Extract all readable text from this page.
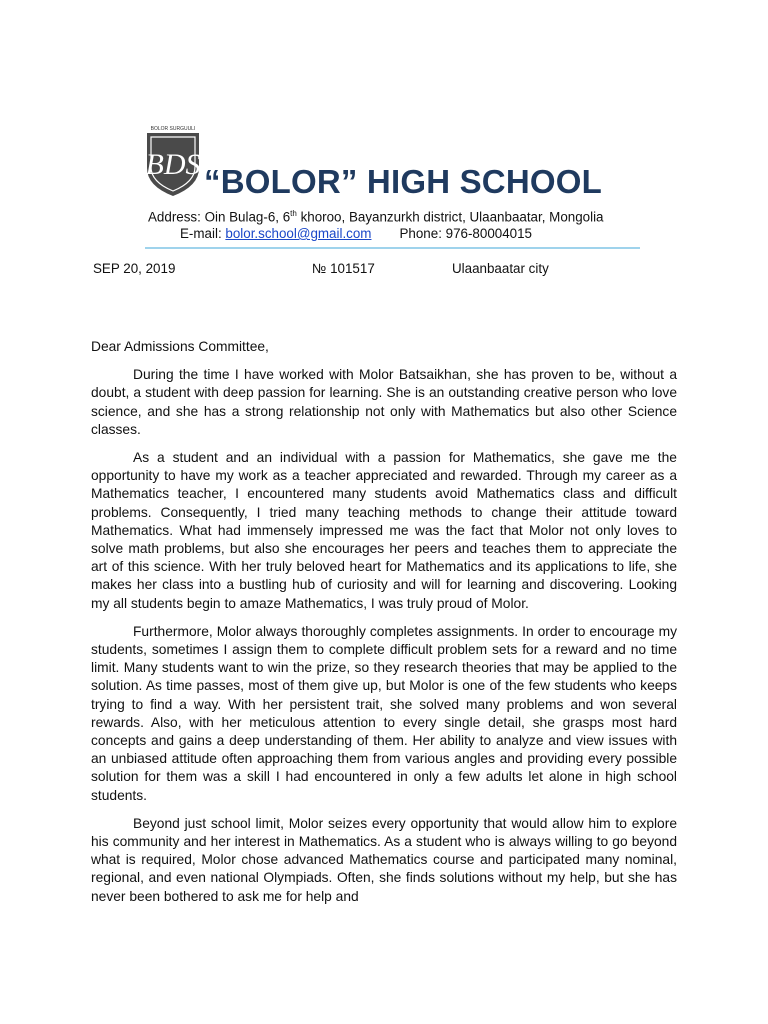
BOLOR SURGUULI
BDS “BOLOR” HIGH SCHOOL
Address: Oin Bulag-6, 6th khoroo, Bayanzurkh district, Ulaanbaatar, Mongolia
E-mail: bolor.school@gmail.com Phone: 976-80004015
SEP 20, 2019	№ 101517	Ulaanbaatar city

Dear Admissions Committee,

During the time I have worked with Molor Batsaikhan, she has proven to be, without a doubt, a student with deep passion for learning. She is an outstanding creative person who love science, and she has a strong relationship not only with Mathematics but also other Science classes.

As a student and an individual with a passion for Mathematics, she gave me the opportunity to have my work as a teacher appreciated and rewarded. Through my career as a Mathematics teacher, I encountered many students avoid Mathematics class and difficult problems. Consequently, I tried many teaching methods to change their attitude toward Mathematics. What had immensely impressed me was the fact that Molor not only loves to solve math problems, but also she encourages her peers and teaches them to appreciate the art of this science. With her truly beloved heart for Mathematics and its applications to life, she makes her class into a bustling hub of curiosity and will for learning and discovering. Looking my all students begin to amaze Mathematics, I was truly proud of Molor.

Furthermore, Molor always thoroughly completes assignments. In order to encourage my students, sometimes I assign them to complete difficult problem sets for a reward and no time limit. Many students want to win the prize, so they research theories that may be applied to the solution. As time passes, most of them give up, but Molor is one of the few students who keeps trying to find a way. With her persistent trait, she solved many problems and won several rewards. Also, with her meticulous attention to every single detail, she grasps most hard concepts and gains a deep understanding of them. Her ability to analyze and view issues with an unbiased attitude often approaching them from various angles and providing every possible solution for them was a skill I had encountered in only a few adults let alone in high school students.

Beyond just school limit, Molor seizes every opportunity that would allow him to explore his community and her interest in Mathematics. As a student who is always willing to go beyond what is required, Molor chose advanced Mathematics course and participated many nominal, regional, and even national Olympiads. Often, she finds solutions without my help, but she has never been bothered to ask me for help and
